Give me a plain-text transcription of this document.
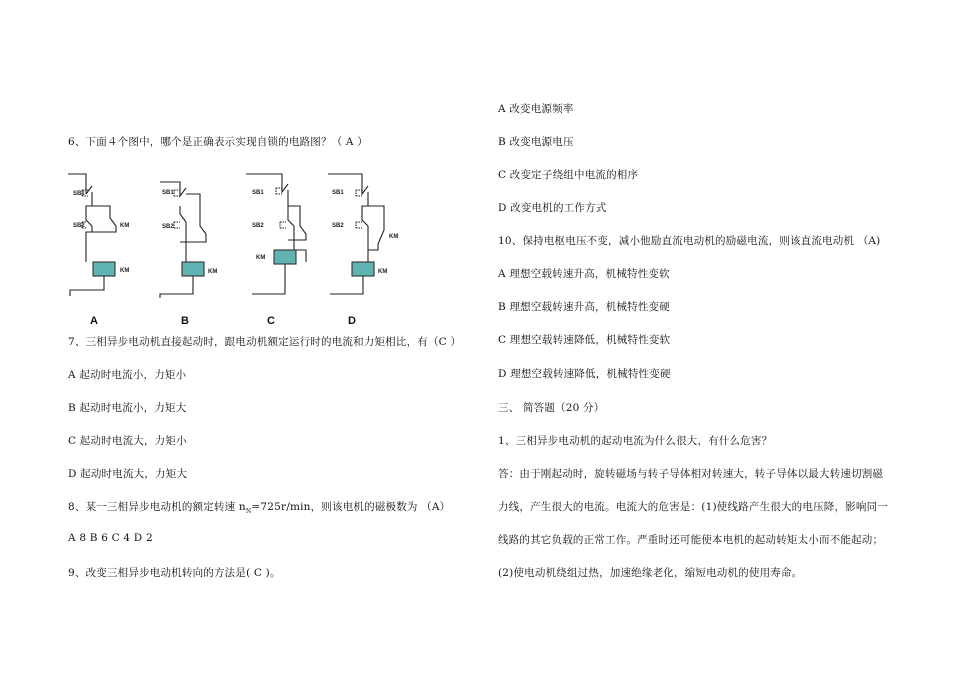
6、下面４个图中，哪个是正确表示实现自锁的电路图？（ A ）
SB1
SB2	KM
KM
SB1
SB2
KM
SB1
SB2
KM
SB1
SB2
KM
KM
A	B	C	D
7、三相异步电动机直接起动时，跟电动机额定运行时的电流和力矩相比，有（C ）
A 起动时电流小，力矩小
B 起动时电流小，力矩大
C 起动时电流大，力矩小
D 起动时电流大，力矩大
8、某一三相异步电动机的额定转速 $n_N=725r/\min$，则该电机的磁极数为 （A）
A 8 B 6 C 4 D 2
9、改变三相异步电动机转向的方法是( C )。
A 改变电源频率
B 改变电源电压
C 改变定子绕组中电流的相序
D 改变电机的工作方式
10、保持电枢电压不变，减小他励直流电动机的励磁电流，则该直流电动机 （A)
A 理想空载转速升高，机械特性变软
B 理想空载转速升高，机械特性变硬
C 理想空载转速降低，机械特性变软
D 理想空载转速降低，机械特性变硬
三、 简答题（20 分）
1、三相异步电动机的起动电流为什么很大，有什么危害？
答：由于刚起动时，旋转磁场与转子导体相对转速大，转子导体以最大转速切割磁
力线，产生很大的电流。电流大的危害是：(1)使线路产生很大的电压降，影响同一
线路的其它负载的正常工作。严重时还可能使本电机的起动转矩太小而不能起动；
(2)使电动机绕组过热，加速绝缘老化，缩短电动机的使用寿命。
